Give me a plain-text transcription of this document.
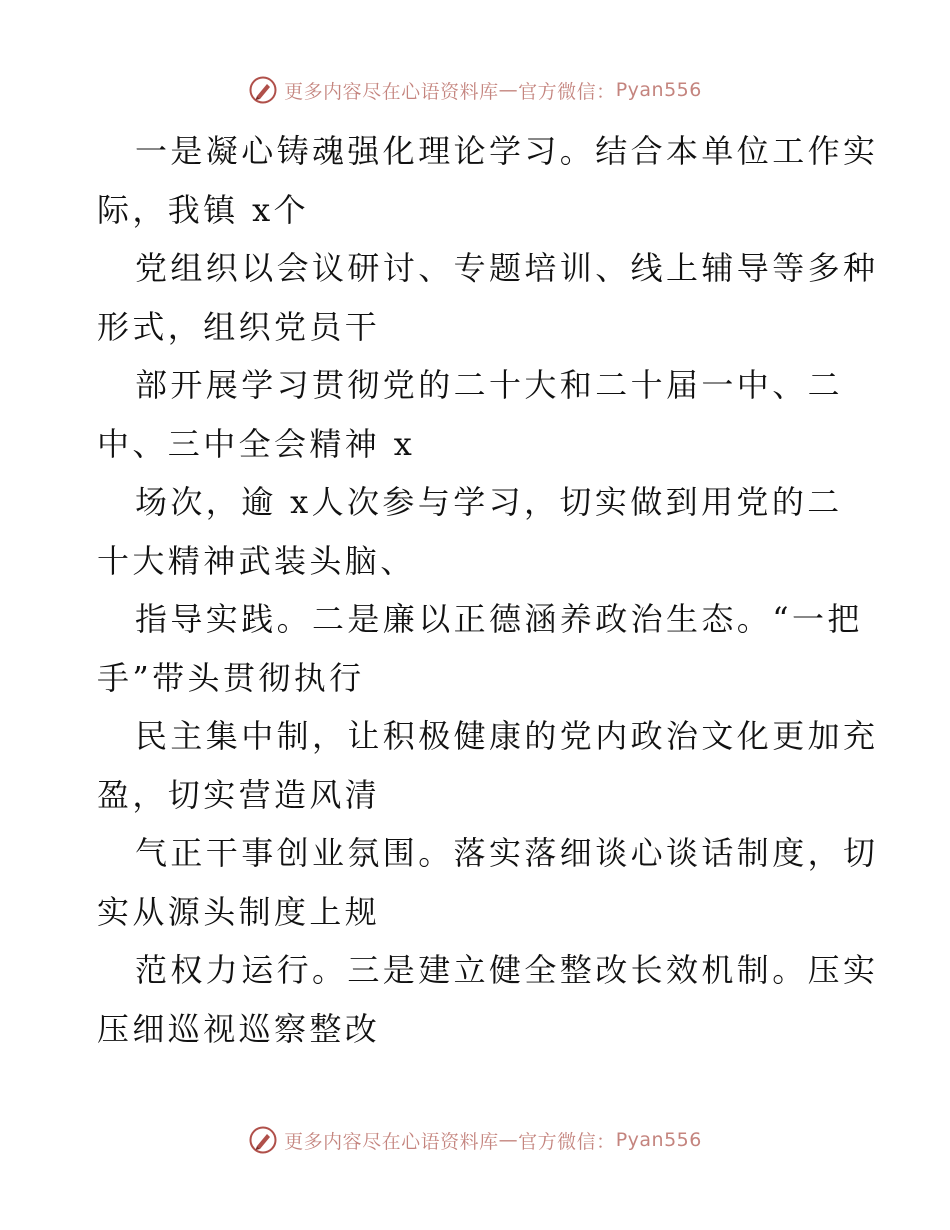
更多内容尽在心语资料库 — 官方微信： Pyan556

一是凝心铸魂强化理论学习。结合本单位工作实
际，我镇 x个
党组织以会议研讨、专题培训、线上辅导等多种
形式，组织党员干
部开展学习贯彻党的二十大和二十届一中、二
中、三中全会精神 x
场次，逾 x人次参与学习，切实做到用党的二
十大精神武装头脑、
指导实践。二是廉以正德涵养政治生态。“一把
手”带头贯彻执行
民主集中制，让积极健康的党内政治文化更加充
盈，切实营造风清
气正干事创业氛围。落实落细谈心谈话制度，切
实从源头制度上规
范权力运行。三是建立健全整改长效机制。压实
压细巡视巡察整改

更多内容尽在心语资料库 — 官方微信： Pyan556
